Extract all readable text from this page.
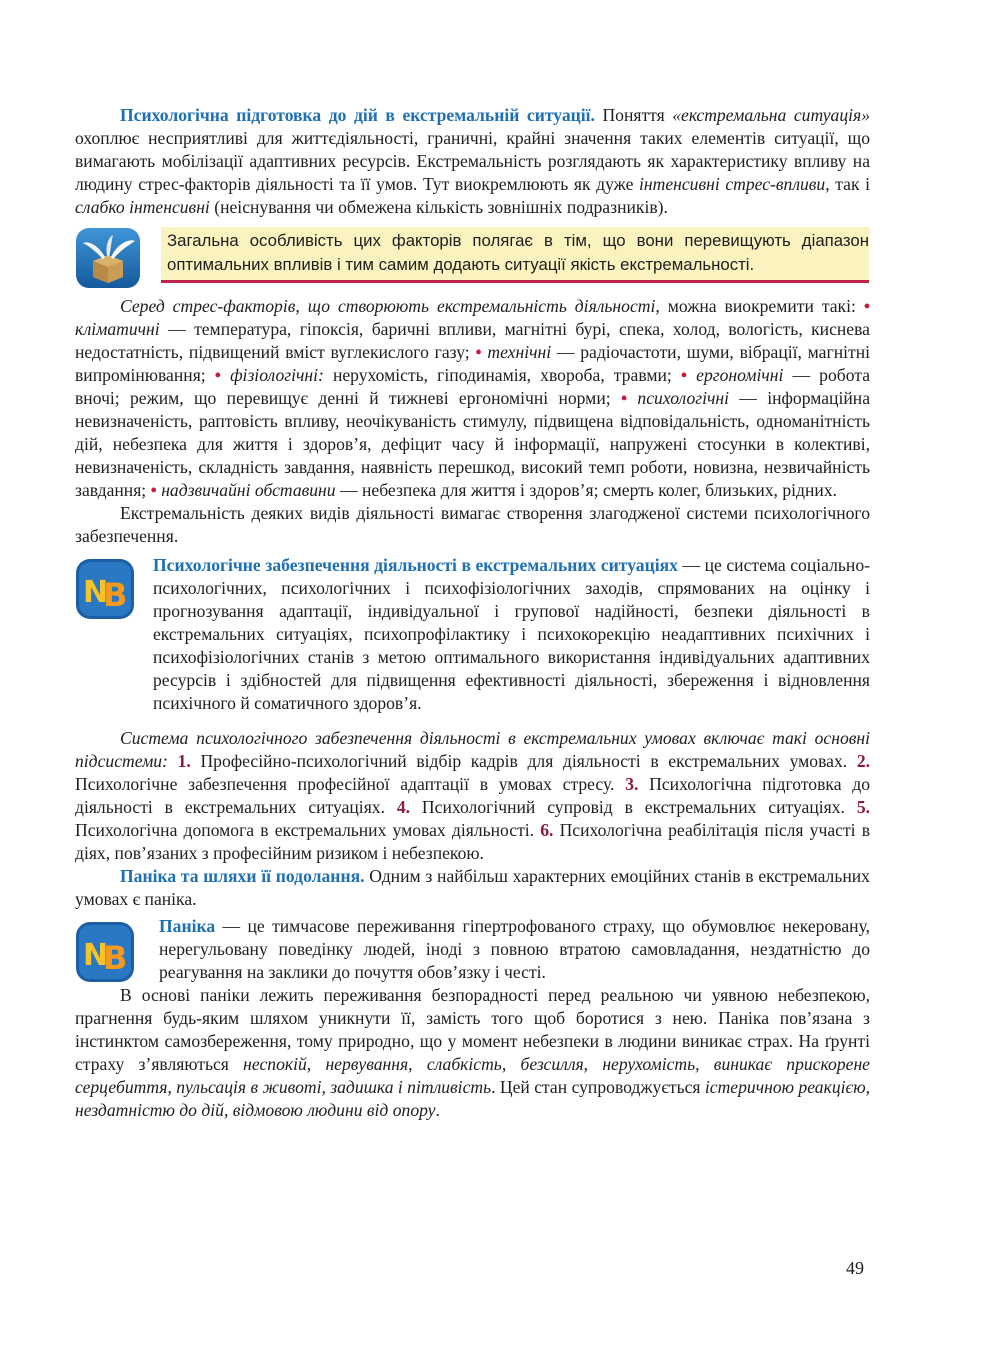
Психологічна підготовка до дій в екстремальній ситуації. Поняття «екстремальна ситуація» охоплює несприятливі для життєдіяльності, граничні, крайні значення таких елементів ситуації, що вимагають мобілізації адаптивних ресурсів. Екстремальність розглядають як характеристику впливу на людину стрес-факторів діяльності та її умов. Тут виокремлюють як дуже інтенсивні стрес-впливи, так і слабко інтенсивні (неіснування чи обмежена кількість зовнішніх подразників).

Загальна особливість цих факторів полягає в тім, що вони перевищують діапазон оптимальних впливів і тим самим додають ситуації якість екстремальності.

Серед стрес-факторів, що створюють екстремальність діяльності, можна виокремити такі: • кліматичні — температура, гіпоксія, баричні впливи, магнітні бурі, спека, холод, вологість, киснева недостатність, підвищений вміст вуглекислого газу; • технічні — радіочастоти, шуми, вібрації, магнітні випромінювання; • фізіологічні: нерухомість, гіподинамія, хвороба, травми; • ергономічні — робота вночі; режим, що перевищує денні й тижневі ергономічні норми; • психологічні — інформаційна невизначеність, раптовість впливу, неочікуваність стимулу, підвищена відповідальність, одноманітність дій, небезпека для життя і здоров’я, дефіцит часу й інформації, напружені стосунки в колективі, невизначеність, складність завдання, наявність перешкод, високий темп роботи, новизна, незвичайність завдання; • надзвичайні обставини — небезпека для життя і здоров’я; смерть колег, близьких, рідних.

Екстремальність деяких видів діяльності вимагає створення злагодженої системи психологічного забезпечення.

N
B

Психологічне забезпечення діяльності в екстремальних ситуаціях — це система соціально-психологічних, психологічних і психофізіологічних заходів, спрямованих на оцінку і прогнозування адаптації, індивідуальної і групової надійності, безпеки діяльності в екстремальних ситуаціях, психопрофілактику і психокорекцію неадаптивних психічних і психофізіологічних станів з метою оптимального використання індивідуальних адаптивних ресурсів і здібностей для підвищення ефективності діяльності, збереження і відновлення психічного й соматичного здоров’я.

Система психологічного забезпечення діяльності в екстремальних умовах включає такі основні підсистеми: 1. Професійно-психологічний відбір кадрів для діяльності в екстремальних умовах. 2. Психологічне забезпечення професійної адаптації в умовах стресу. 3. Психологічна підготовка до діяльності в екстремальних ситуаціях. 4. Психологічний супровід в екстремальних ситуаціях. 5. Психологічна допомога в екстремальних умовах діяльності. 6. Психологічна реабілітація після участі в діях, пов’язаних з професійним ризиком і небезпекою.

Паніка та шляхи її подолання. Одним з найбільш характерних емоційних станів в екстремальних умовах є паніка.

N
B

Паніка — це тимчасове переживання гіпертрофованого страху, що обумовлює некеровану, нерегульовану поведінку людей, іноді з повною втратою самовладання, нездатністю до реагування на заклики до почуття обов’язку і честі.

В основі паніки лежить переживання безпорадності перед реальною чи уявною небезпекою, прагнення будь-яким шляхом уникнути її, замість того щоб боротися з нею. Паніка пов’язана з інстинктом самозбереження, тому природно, що у момент небезпеки в людини виникає страх. На ґрунті страху з’являються неспокій, нервування, слабкість, безсилля, нерухомість, виникає прискорене серцебиття, пульсація в животі, задишка і пітливість. Цей стан супроводжується істеричною реакцією, нездатністю до дій, відмовою людини від опору.

49
